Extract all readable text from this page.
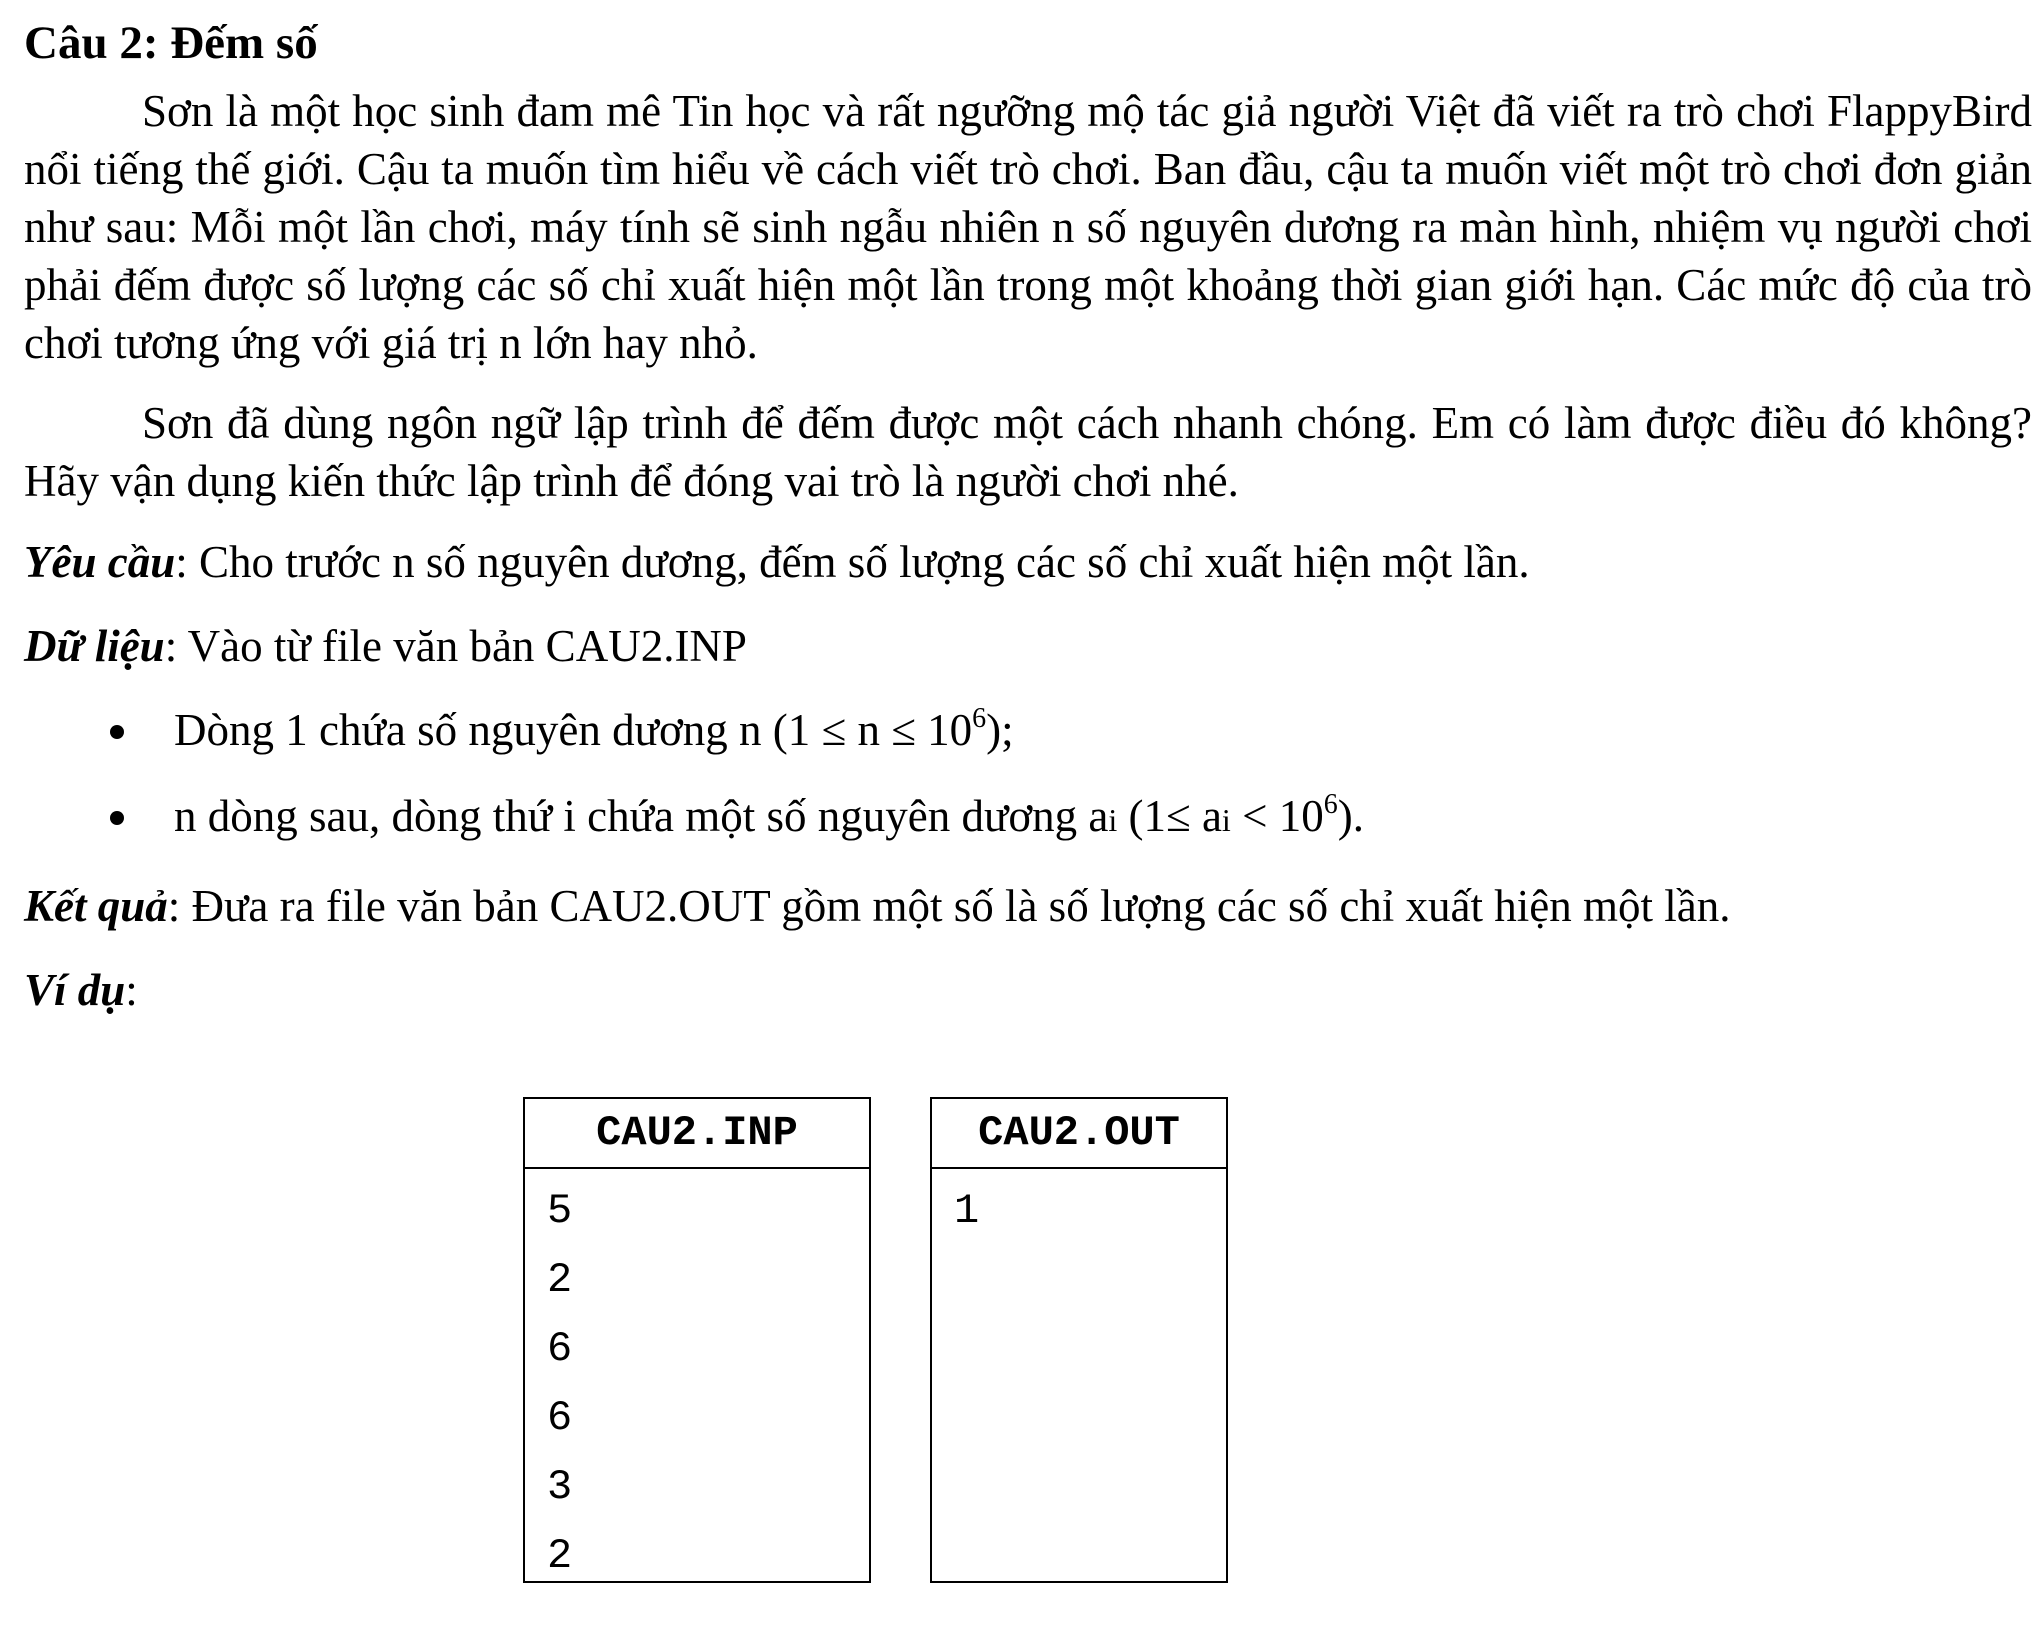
Câu 2: Đếm số

Sơn là một học sinh đam mê Tin học và rất ngưỡng mộ tác giả người Việt đã viết ra trò chơi FlappyBird nổi tiếng thế giới. Cậu ta muốn tìm hiểu về cách viết trò chơi. Ban đầu, cậu ta muốn viết một trò chơi đơn giản như sau: Mỗi một lần chơi, máy tính sẽ sinh ngẫu nhiên n số nguyên dương ra màn hình, nhiệm vụ người chơi phải đếm được số lượng các số chỉ xuất hiện một lần trong một khoảng thời gian giới hạn. Các mức độ của trò chơi tương ứng với giá trị n lớn hay nhỏ.

Sơn đã dùng ngôn ngữ lập trình để đếm được một cách nhanh chóng. Em có làm được điều đó không? Hãy vận dụng kiến thức lập trình để đóng vai trò là người chơi nhé.

Yêu cầu: Cho trước n số nguyên dương, đếm số lượng các số chỉ xuất hiện một lần.
Dữ liệu: Vào từ file văn bản CAU2.INP
Dòng 1 chứa số nguyên dương n $(1 \le n \le 10^6)$;
n dòng sau, dòng thứ i chứa một số nguyên dương ai (1≤ ai < $10^6$).
Kết quả: Đưa ra file văn bản CAU2.OUT gồm một số là số lượng các số chỉ xuất hiện một lần.
Ví dụ:
CAU2.INP
5
2
6
6
3
2
CAU2.OUT
1
